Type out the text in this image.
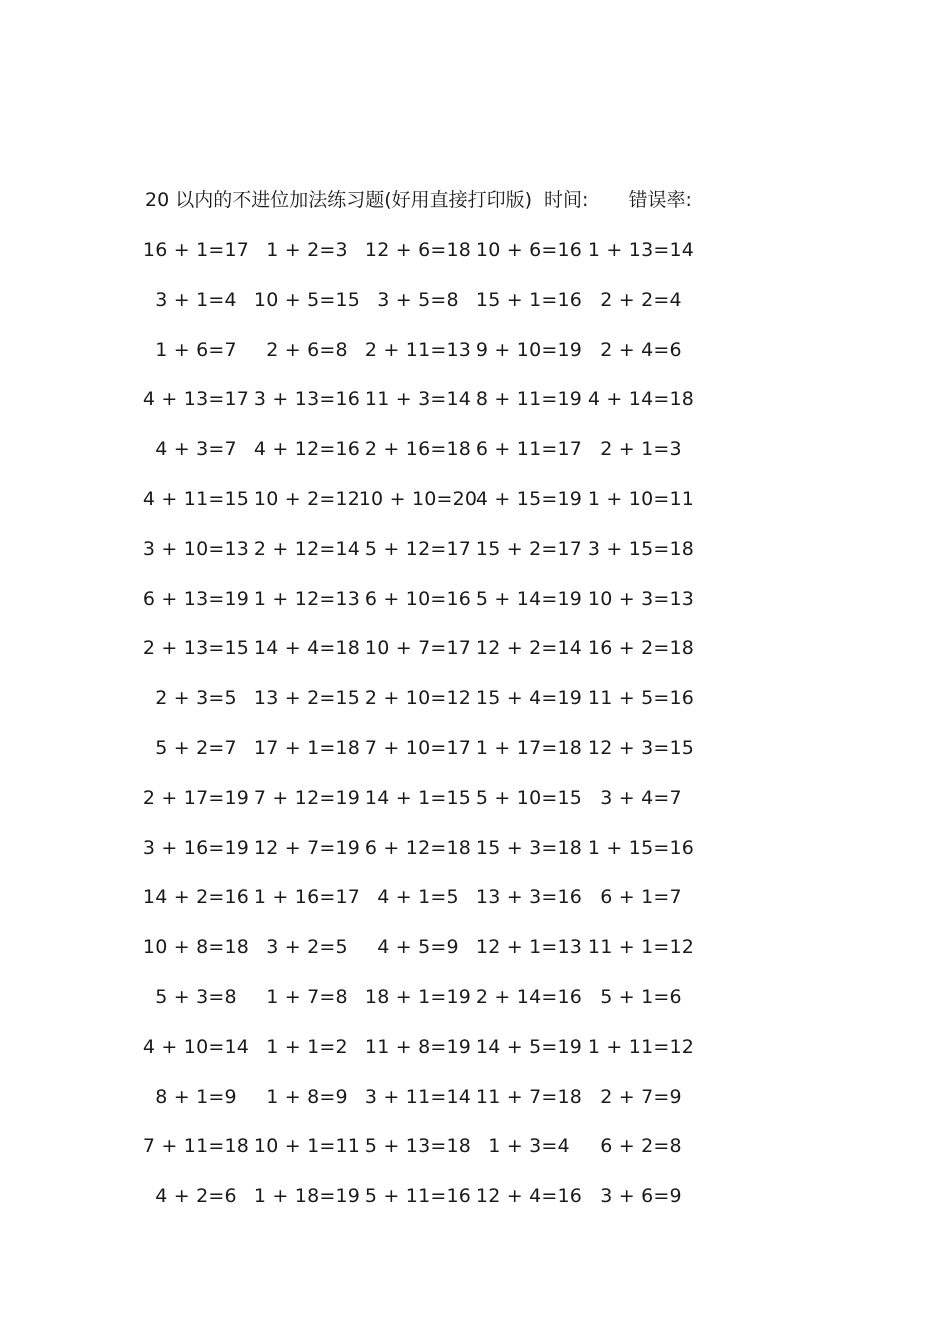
20 以内的不进位加法练习题(好用直接打印版) 时间: 错误率:
16 + 1=17 1 + 2=3 12 + 6=18 10 + 6=16 1 + 13=14
3 + 1=4 10 + 5=15 3 + 5=8 15 + 1=16 2 + 2=4
1 + 6=7 2 + 6=8 2 + 11=13 9 + 10=19 2 + 4=6
4 + 13=17 3 + 13=16 11 + 3=14 8 + 11=19 4 + 14=18
4 + 3=7 4 + 12=16 2 + 16=18 6 + 11=17 2 + 1=3
4 + 11=15 10 + 2=12
10 + 10=20
4 + 15=19 1 + 10=11
3 + 10=13 2 + 12=14 5 + 12=17 15 + 2=17 3 + 15=18
6 + 13=19 1 + 12=13 6 + 10=16 5 + 14=19 10 + 3=13
2 + 13=15 14 + 4=18 10 + 7=17 12 + 2=14 16 + 2=18
2 + 3=5 13 + 2=15 2 + 10=12 15 + 4=19 11 + 5=16
5 + 2=7 17 + 1=18 7 + 10=17 1 + 17=18 12 + 3=15
2 + 17=19 7 + 12=19 14 + 1=15 5 + 10=15 3 + 4=7
3 + 16=19 12 + 7=19 6 + 12=18 15 + 3=18 1 + 15=16
14 + 2=16 1 + 16=17 4 + 1=5 13 + 3=16 6 + 1=7
10 + 8=18 3 + 2=5 4 + 5=9 12 + 1=13 11 + 1=12
5 + 3=8 1 + 7=8 18 + 1=19 2 + 14=16 5 + 1=6
4 + 10=14 1 + 1=2 11 + 8=19 14 + 5=19 1 + 11=12
8 + 1=9 1 + 8=9 3 + 11=14 11 + 7=18 2 + 7=9
7 + 11=18 10 + 1=11 5 + 13=18 1 + 3=4 6 + 2=8
4 + 2=6 1 + 18=19 5 + 11=16 12 + 4=16 3 + 6=9
